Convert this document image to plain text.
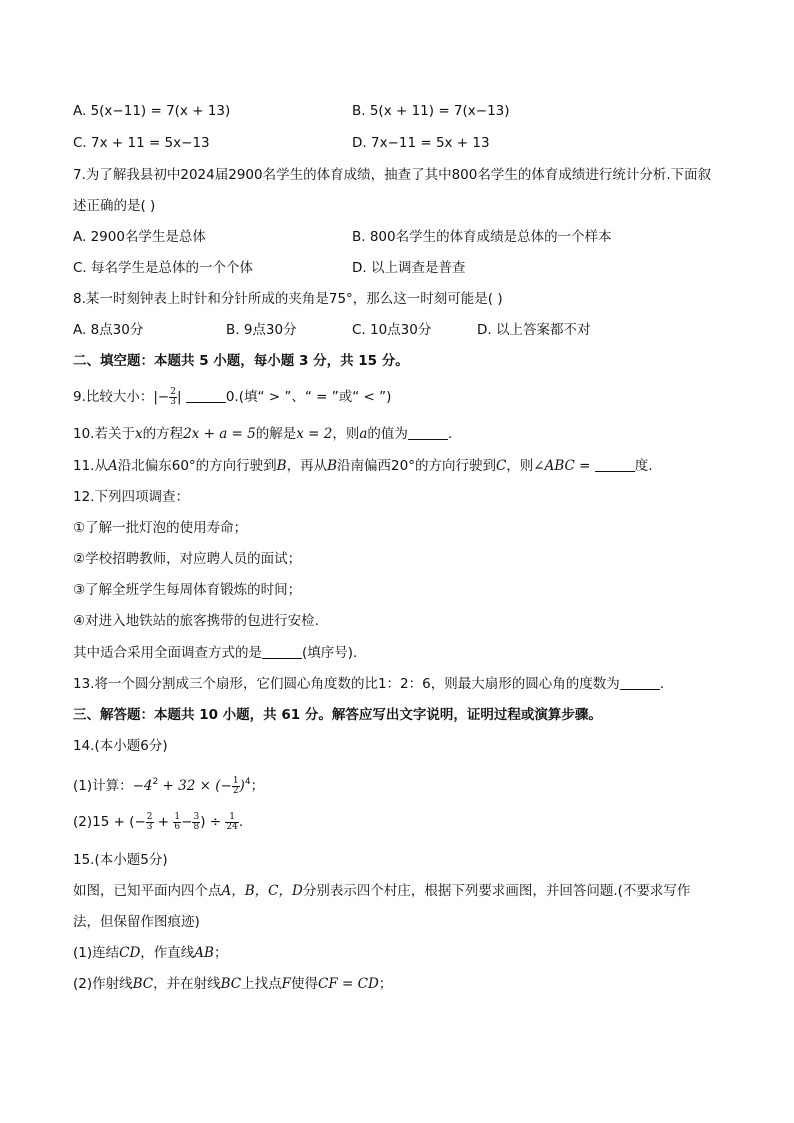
A. 5(x−11) = 7(x + 13)	B. 5(x + 11) = 7(x−13)
C. 7x + 11 = 5x−13	D. 7x−11 = 5x + 13
7.为了解我县初中2024届2900名学生的体育成绩，抽查了其中800名学生的体育成绩进行统计分析.下面叙
述正确的是( )
A. 2900名学生是总体	B. 800名学生的体育成绩是总体的一个样本
C. 每名学生是总体的一个个体	D. 以上调查是普查
8.某一时刻钟表上时针和分针所成的夹角是75°，那么这一时刻可能是( )
A. 8点30分	B. 9点30分	C. 10点30分	D. 以上答案都不对
二、填空题：本题共 5 小题，每小题 3 分，共 15 分。
9.比较大小：|− $\frac{2}{3}$ |	0.(填“ > ”、“ = ”或“ < ”)
10.若关于x的方程2x + a = 5的解是x = 2，则a的值为	.
11.从A沿北偏东60°的方向行驶到B，再从B沿南偏西20°的方向行驶到C，则∠ABC =	度.
12.下列四项调查：
①了解一批灯泡的使用寿命；
②学校招聘教师，对应聘人员的面试；
③了解全班学生每周体育锻炼的时间；
④对进入地铁站的旅客携带的包进行安检.
其中适合采用全面调查方式的是	(填序号).
13.将一个圆分割成三个扇形，它们圆心角度数的比1：2：6，则最大扇形的圆心角的度数为	.
三、解答题：本题共 10 小题，共 61 分。解答应写出文字说明，证明过程或演算步骤。
14.(本小题6分)
(1)计算：$-4^2 + 32$ × (− $\frac{1}{2} )^4$；
(2)15 + (− $\frac{2}{3} + \frac{1}{6} - \frac{3}{8}$ ) ÷ $\frac{1}{24}$ .
15.(本小题5分)
如图，已知平面内四个点A，B，C，D分别表示四个村庄，根据下列要求画图，并回答问题.(不要求写作
法，但保留作图痕迹)
(1)连结CD，作直线AB；
(2)作射线BC，并在射线BC上找点F使得CF = CD；
